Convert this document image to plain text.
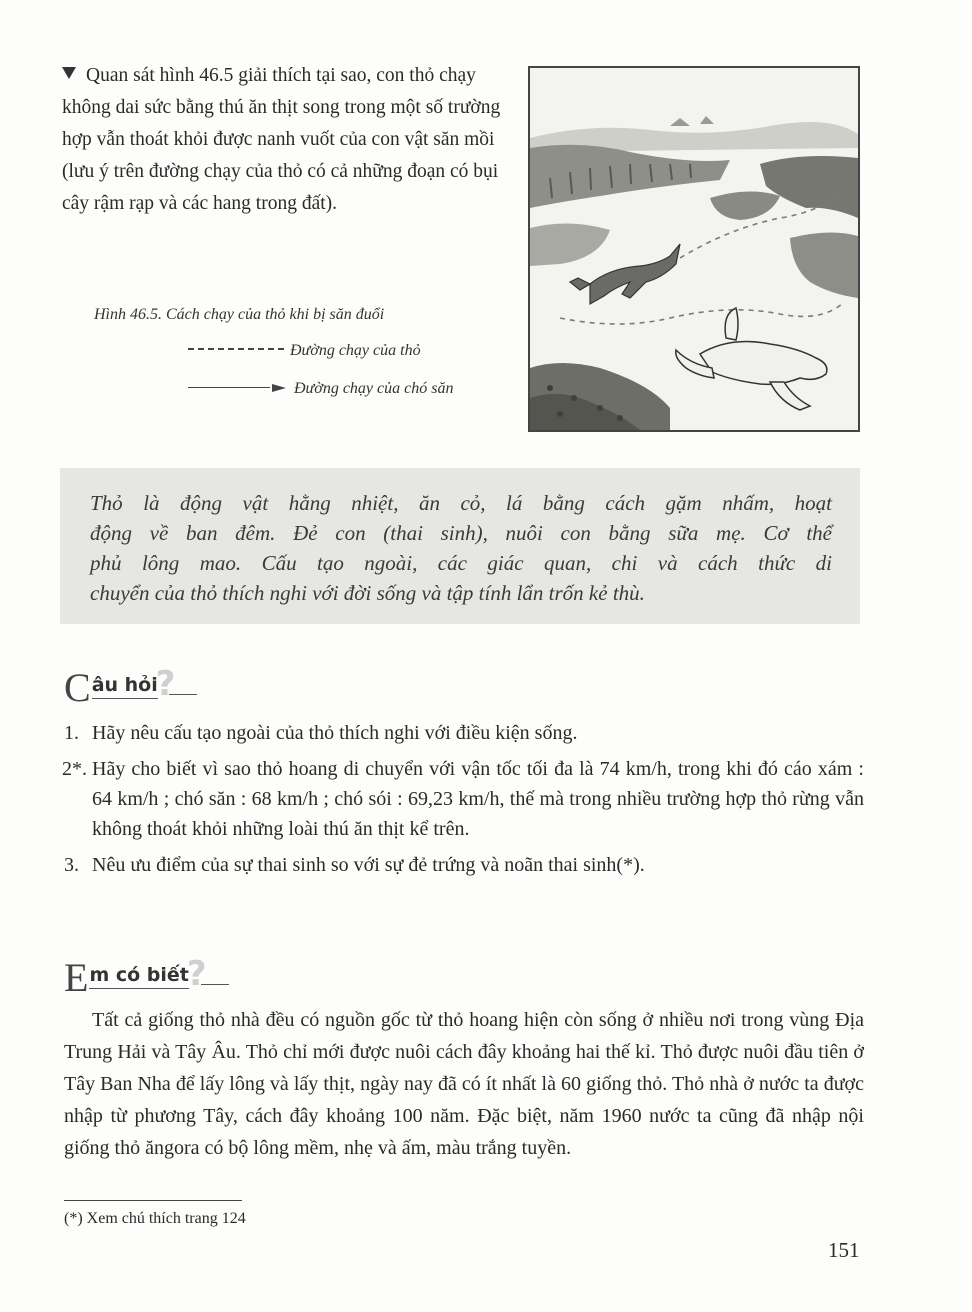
Quan sát hình 46.5 giải thích tại sao, con thỏ chạy không dai sức bằng thú ăn thịt song trong một số trường hợp vẫn thoát khỏi được nanh vuốt của con vật săn mồi (lưu ý trên đường chạy của thỏ có cả những đoạn có bụi cây rậm rạp và các hang trong đất).

Hình 46.5. Cách chạy của thỏ khi bị săn đuổi
Đường chạy của thỏ
Đường chạy của chó săn

Thỏ là động vật hằng nhiệt, ăn cỏ, lá bằng cách gặm nhấm, hoạt

động về ban đêm. Đẻ con (thai sinh), nuôi con bằng sữa mẹ. Cơ thể

phủ lông mao. Cấu tạo ngoài, các giác quan, chi và cách thức di

chuyển của thỏ thích nghi với đời sống và tập tính lẩn trốn kẻ thù.

Câu hỏi?
1. Hãy nêu cấu tạo ngoài của thỏ thích nghi với điều kiện sống.
2*. Hãy cho biết vì sao thỏ hoang di chuyển với vận tốc tối đa là 74 km/h, trong khi đó cáo xám : 64 km/h ; chó săn : 68 km/h ; chó sói : 69,23 km/h, thế mà trong nhiều trường hợp thỏ rừng vẫn không thoát khỏi những loài thú ăn thịt kể trên.
3. Nêu ưu điểm của sự thai sinh so với sự đẻ trứng và noãn thai sinh(*).
Em có biết?

Tất cả giống thỏ nhà đều có nguồn gốc từ thỏ hoang hiện còn sống ở nhiều nơi trong vùng Địa Trung Hải và Tây Âu. Thỏ chỉ mới được nuôi cách đây khoảng hai thế kỉ. Thỏ được nuôi đầu tiên ở Tây Ban Nha để lấy lông và lấy thịt, ngày nay đã có ít nhất là 60 giống thỏ. Thỏ nhà ở nước ta được nhập từ phương Tây, cách đây khoảng 100 năm. Đặc biệt, năm 1960 nước ta cũng đã nhập nội giống thỏ ăngora có bộ lông mềm, nhẹ và ấm, màu trắng tuyền.

(*) Xem chú thích trang 124
151
